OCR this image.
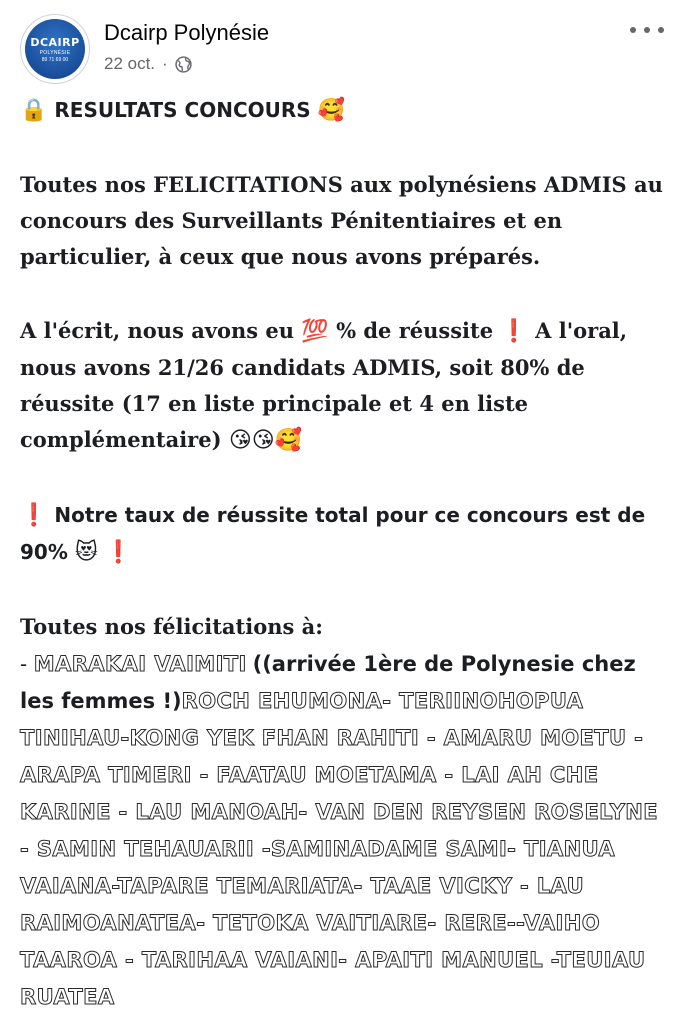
DCAIRP
POLYNÉSIE
89 71 69 00
Dcairp Polynésie
22 oct. ·

🔒 RESULTATS CONCOURS 🥰

Toutes nos FELICITATIONS aux polynésiens ADMIS au concours des Surveillants Pénitentiaires et en particulier, à ceux que nous avons préparés.

A l'écrit, nous avons eu 💯 % de réussite ❗ A l'oral, nous avons 21/26 candidats ADMIS, soit 80% de réussite (17 en liste principale et 4 en liste complémentaire) 😘😘🥰

❗ Notre taux de réussite total pour ce concours est de 90% 😻 ❗

Toutes nos félicitations à:
- MARAKAI VAIMITI ((arrivée 1ère de Polynesie chez les femmes !)ROCH EHUMONA- TERIINOHOPUA TINIHAU-KONG YEK FHAN RAHITI - AMARU MOETU - ARAPA TIMERI - FAATAU MOETAMA - LAI AH CHE KARINE - LAU MANOAH- VAN DEN REYSEN ROSELYNE - SAMIN TEHAUARII -SAMINADAME SAMI- TIANUA VAIANA-TAPARE TEMARIATA- TAAE VICKY - LAU RAIMOANATEA- TETOKA VAITIARE- RERE--VAIHO TAAROA - TARIHAA VAIANI- APAITI MANUEL -TEUIAU RUATEA
